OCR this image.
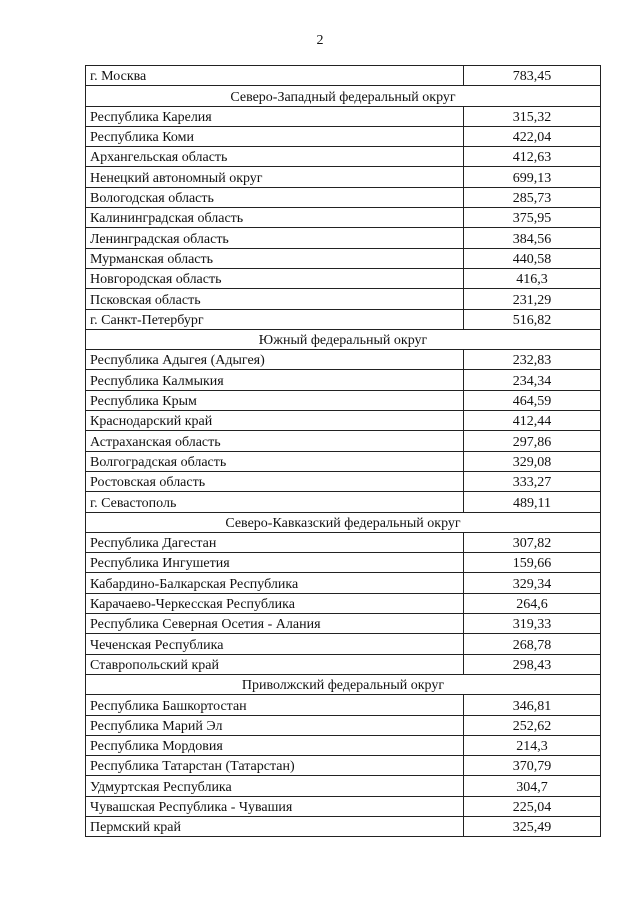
2
г. Москва	783,45
Северо-Западный федеральный округ	
Республика Карелия	315,32
Республика Коми	422,04
Архангельская область	412,63
Ненецкий автономный округ	699,13
Вологодская область	285,73
Калининградская область	375,95
Ленинградская область	384,56
Мурманская область	440,58
Новгородская область	416,3
Псковская область	231,29
г. Санкт-Петербург	516,82
Южный федеральный округ	
Республика Адыгея (Адыгея)	232,83
Республика Калмыкия	234,34
Республика Крым	464,59
Краснодарский край	412,44
Астраханская область	297,86
Волгоградская область	329,08
Ростовская область	333,27
г. Севастополь	489,11
Северо-Кавказский федеральный округ	
Республика Дагестан	307,82
Республика Ингушетия	159,66
Кабардино-Балкарская Республика	329,34
Карачаево-Черкесская Республика	264,6
Республика Северная Осетия - Алания	319,33
Чеченская Республика	268,78
Ставропольский край	298,43
Приволжский федеральный округ	
Республика Башкортостан	346,81
Республика Марий Эл	252,62
Республика Мордовия	214,3
Республика Татарстан (Татарстан)	370,79
Удмуртская Республика	304,7
Чувашская Республика - Чувашия	225,04
Пермский край	325,49
